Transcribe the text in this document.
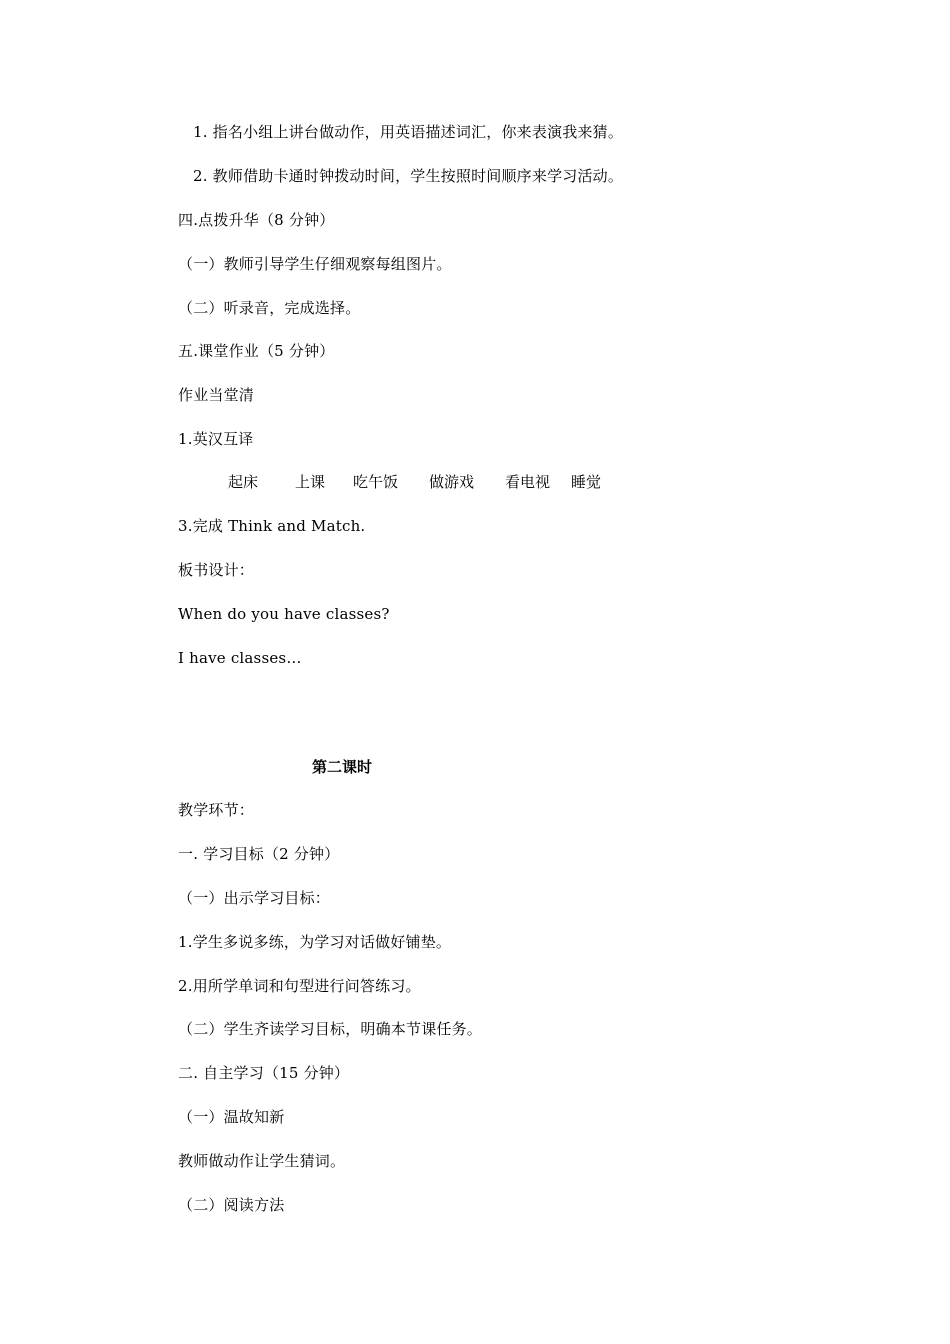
1. 指名小组上讲台做动作，用英语描述词汇，你来表演我来猜。
2. 教师借助卡通时钟拨动时间，学生按照时间顺序来学习活动。
四.点拨升华（8 分钟）
（一）教师引导学生仔细观察每组图片。
（二）听录音，完成选择。
五.课堂作业（5 分钟）
作业当堂清
1.英汉互译
起床 上课 吃午饭 做游戏 看电视 睡觉
3.完成 Think and Match.
板书设计：
When do you have classes?
I have classes…
第二课时
教学环节：
一. 学习目标（2 分钟）
（一）出示学习目标：
1.学生多说多练，为学习对话做好铺垫。
2.用所学单词和句型进行问答练习。
（二）学生齐读学习目标，明确本节课任务。
二. 自主学习（15 分钟）
（一）温故知新
教师做动作让学生猜词。
（二）阅读方法
